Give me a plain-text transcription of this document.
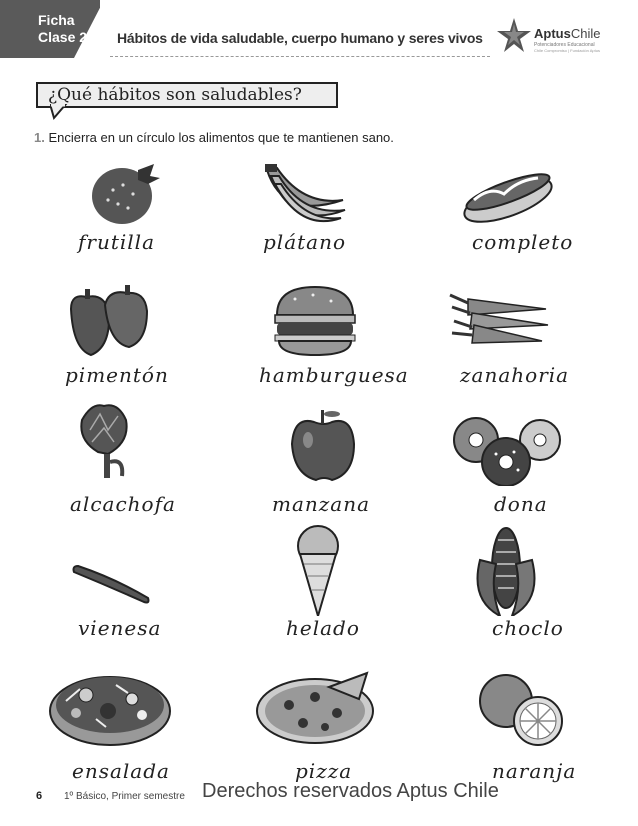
Ficha
Clase 2 Hábitos de vida saludable, cuerpo humano y seres vivos	AptusChile
Potenciadores Educacional
Chile Compromiso | Fundación Aptus
¿Qué hábitos son saludables?
1. Encierra en un círculo los alimentos que te mantienen sano.
frutilla	plátano	completo
pimentón	hamburguesa	zanahoria
alcachofa	manzana	dona
vienesa	helado	choclo
ensalada	pizza	naranja
6 1º Básico, Primer semestre Derechos reservados Aptus Chile
